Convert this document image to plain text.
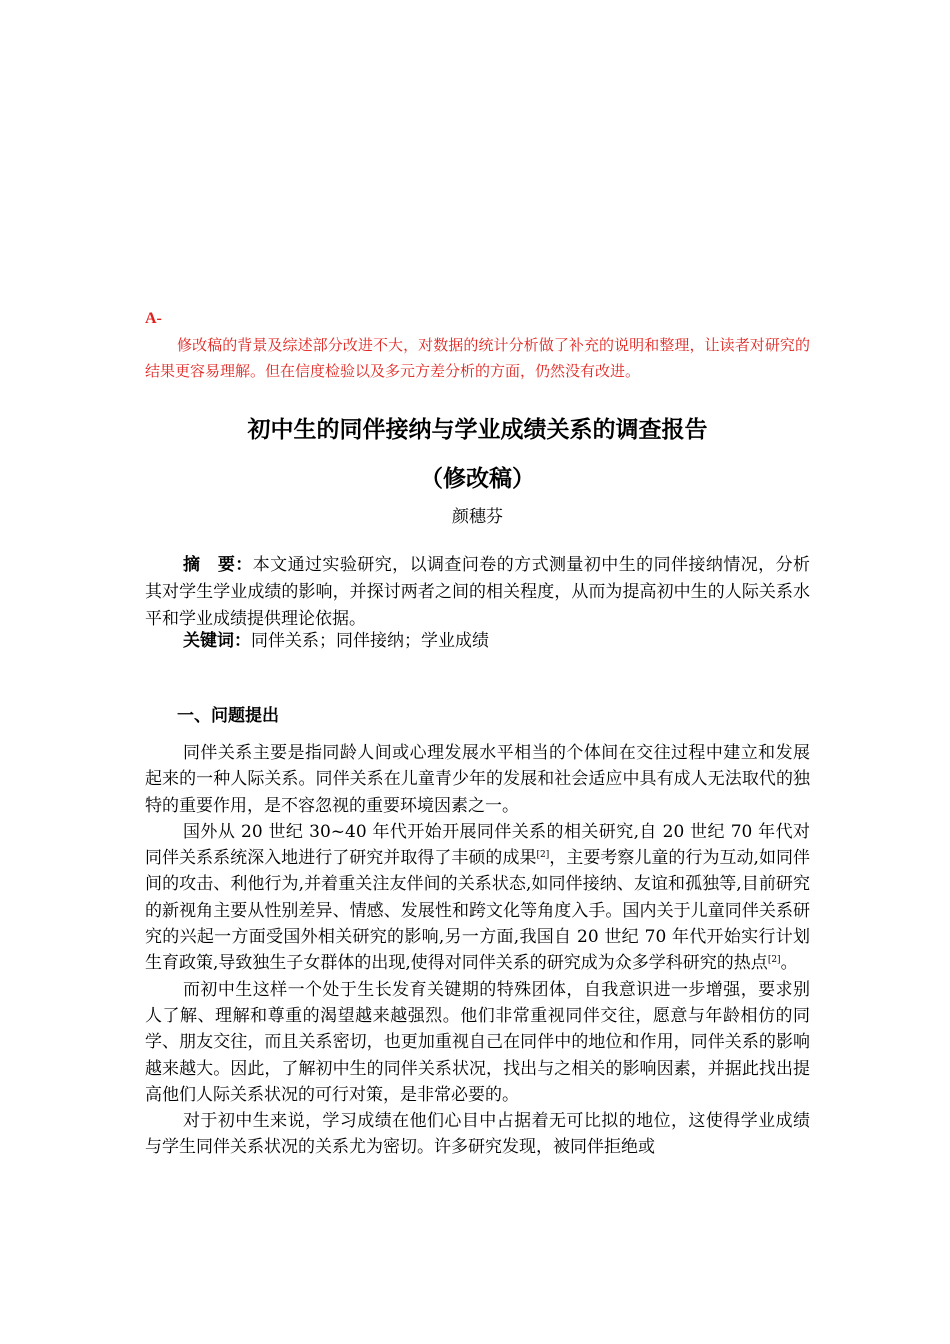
A-

修改稿的背景及综述部分改进不大，对数据的统计分析做了补充的说明和整理，让读者对研究的结果更容易理解。但在信度检验以及多元方差分析的方面，仍然没有改进。

初中生的同伴接纳与学业成绩关系的调查报告
（修改稿）
颜穗芬

摘　要：本文通过实验研究，以调查问卷的方式测量初中生的同伴接纳情况，分析其对学生学业成绩的影响，并探讨两者之间的相关程度，从而为提高初中生的人际关系水平和学业成绩提供理论依据。

关键词：同伴关系；同伴接纳；学业成绩

一、问题提出

同伴关系主要是指同龄人间或心理发展水平相当的个体间在交往过程中建立和发展起来的一种人际关系。同伴关系在儿童青少年的发展和社会适应中具有成人无法取代的独特的重要作用，是不容忽视的重要环境因素之一。

国外从 20 世纪 30~40 年代开始开展同伴关系的相关研究,自 20 世纪 70 年代对同伴关系系统深入地进行了研究并取得了丰硕的成果[2]，主要考察儿童的行为互动,如同伴间的攻击、利他行为,并着重关注友伴间的关系状态,如同伴接纳、友谊和孤独等,目前研究的新视角主要从性别差异、情感、发展性和跨文化等角度入手。国内关于儿童同伴关系研究的兴起一方面受国外相关研究的影响,另一方面,我国自 20 世纪 70 年代开始实行计划生育政策,导致独生子女群体的出现,使得对同伴关系的研究成为众多学科研究的热点[2]。

而初中生这样一个处于生长发育关键期的特殊团体，自我意识进一步增强，要求别人了解、理解和尊重的渴望越来越强烈。他们非常重视同伴交往，愿意与年龄相仿的同学、朋友交往，而且关系密切，也更加重视自己在同伴中的地位和作用，同伴关系的影响越来越大。因此，了解初中生的同伴关系状况，找出与之相关的影响因素，并据此找出提高他们人际关系状况的可行对策，是非常必要的。

对于初中生来说，学习成绩在他们心目中占据着无可比拟的地位，这使得学业成绩与学生同伴关系状况的关系尤为密切。许多研究发现，被同伴拒绝或
